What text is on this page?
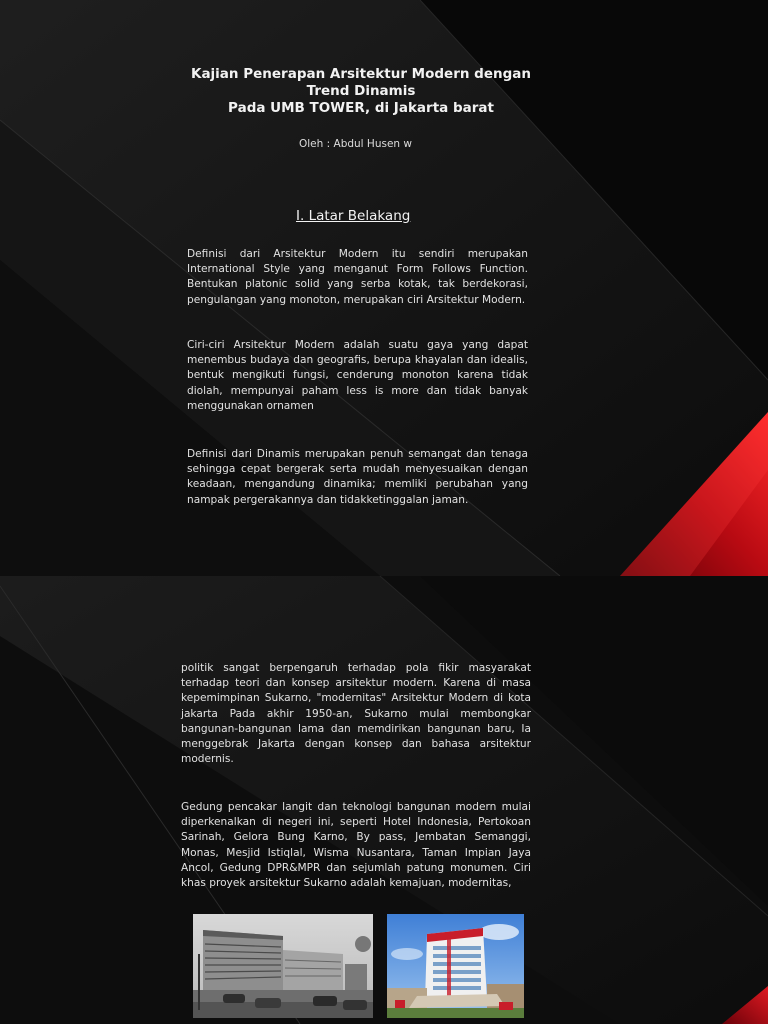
Kajian Penerapan Arsitektur Modern dengan
Trend Dinamis
Pada UMB TOWER, di Jakarta barat
Oleh : Abdul Husen w
I. Latar Belakang
Definisi dari Arsitektur Modern itu sendiri merupakan International Style yang menganut Form Follows Function. Bentukan platonic solid yang serba kotak, tak berdekorasi, pengulangan yang monoton, merupakan ciri Arsitektur Modern.
Ciri-ciri Arsitektur Modern adalah suatu gaya yang dapat menembus budaya dan geografis, berupa khayalan dan idealis, bentuk mengikuti fungsi, cenderung monoton karena tidak diolah, mempunyai paham less is more dan tidak banyak menggunakan ornamen
Definisi dari Dinamis merupakan penuh semangat dan tenaga sehingga cepat bergerak serta mudah menyesuaikan dengan keadaan, mengandung dinamika; memliki perubahan yang nampak pergerakannya dan tidakketinggalan jaman.
politik sangat berpengaruh terhadap pola fikir masyarakat terhadap teori dan konsep arsitektur modern. Karena di masa kepemimpinan Sukarno, "modernitas" Arsitektur Modern di kota jakarta Pada akhir 1950-an, Sukarno mulai membongkar bangunan-bangunan lama dan memdirikan bangunan baru, Ia menggebrak Jakarta dengan konsep dan bahasa arsitektur modernis.
Gedung pencakar langit dan teknologi bangunan modern mulai diperkenalkan di negeri ini, seperti Hotel Indonesia, Pertokoan Sarinah, Gelora Bung Karno, By pass, Jembatan Semanggi, Monas, Mesjid Istiqlal, Wisma Nusantara, Taman Impian Jaya Ancol, Gedung DPR&MPR dan sejumlah patung monumen. Ciri khas proyek arsitektur Sukarno adalah kemajuan, modernitas,
